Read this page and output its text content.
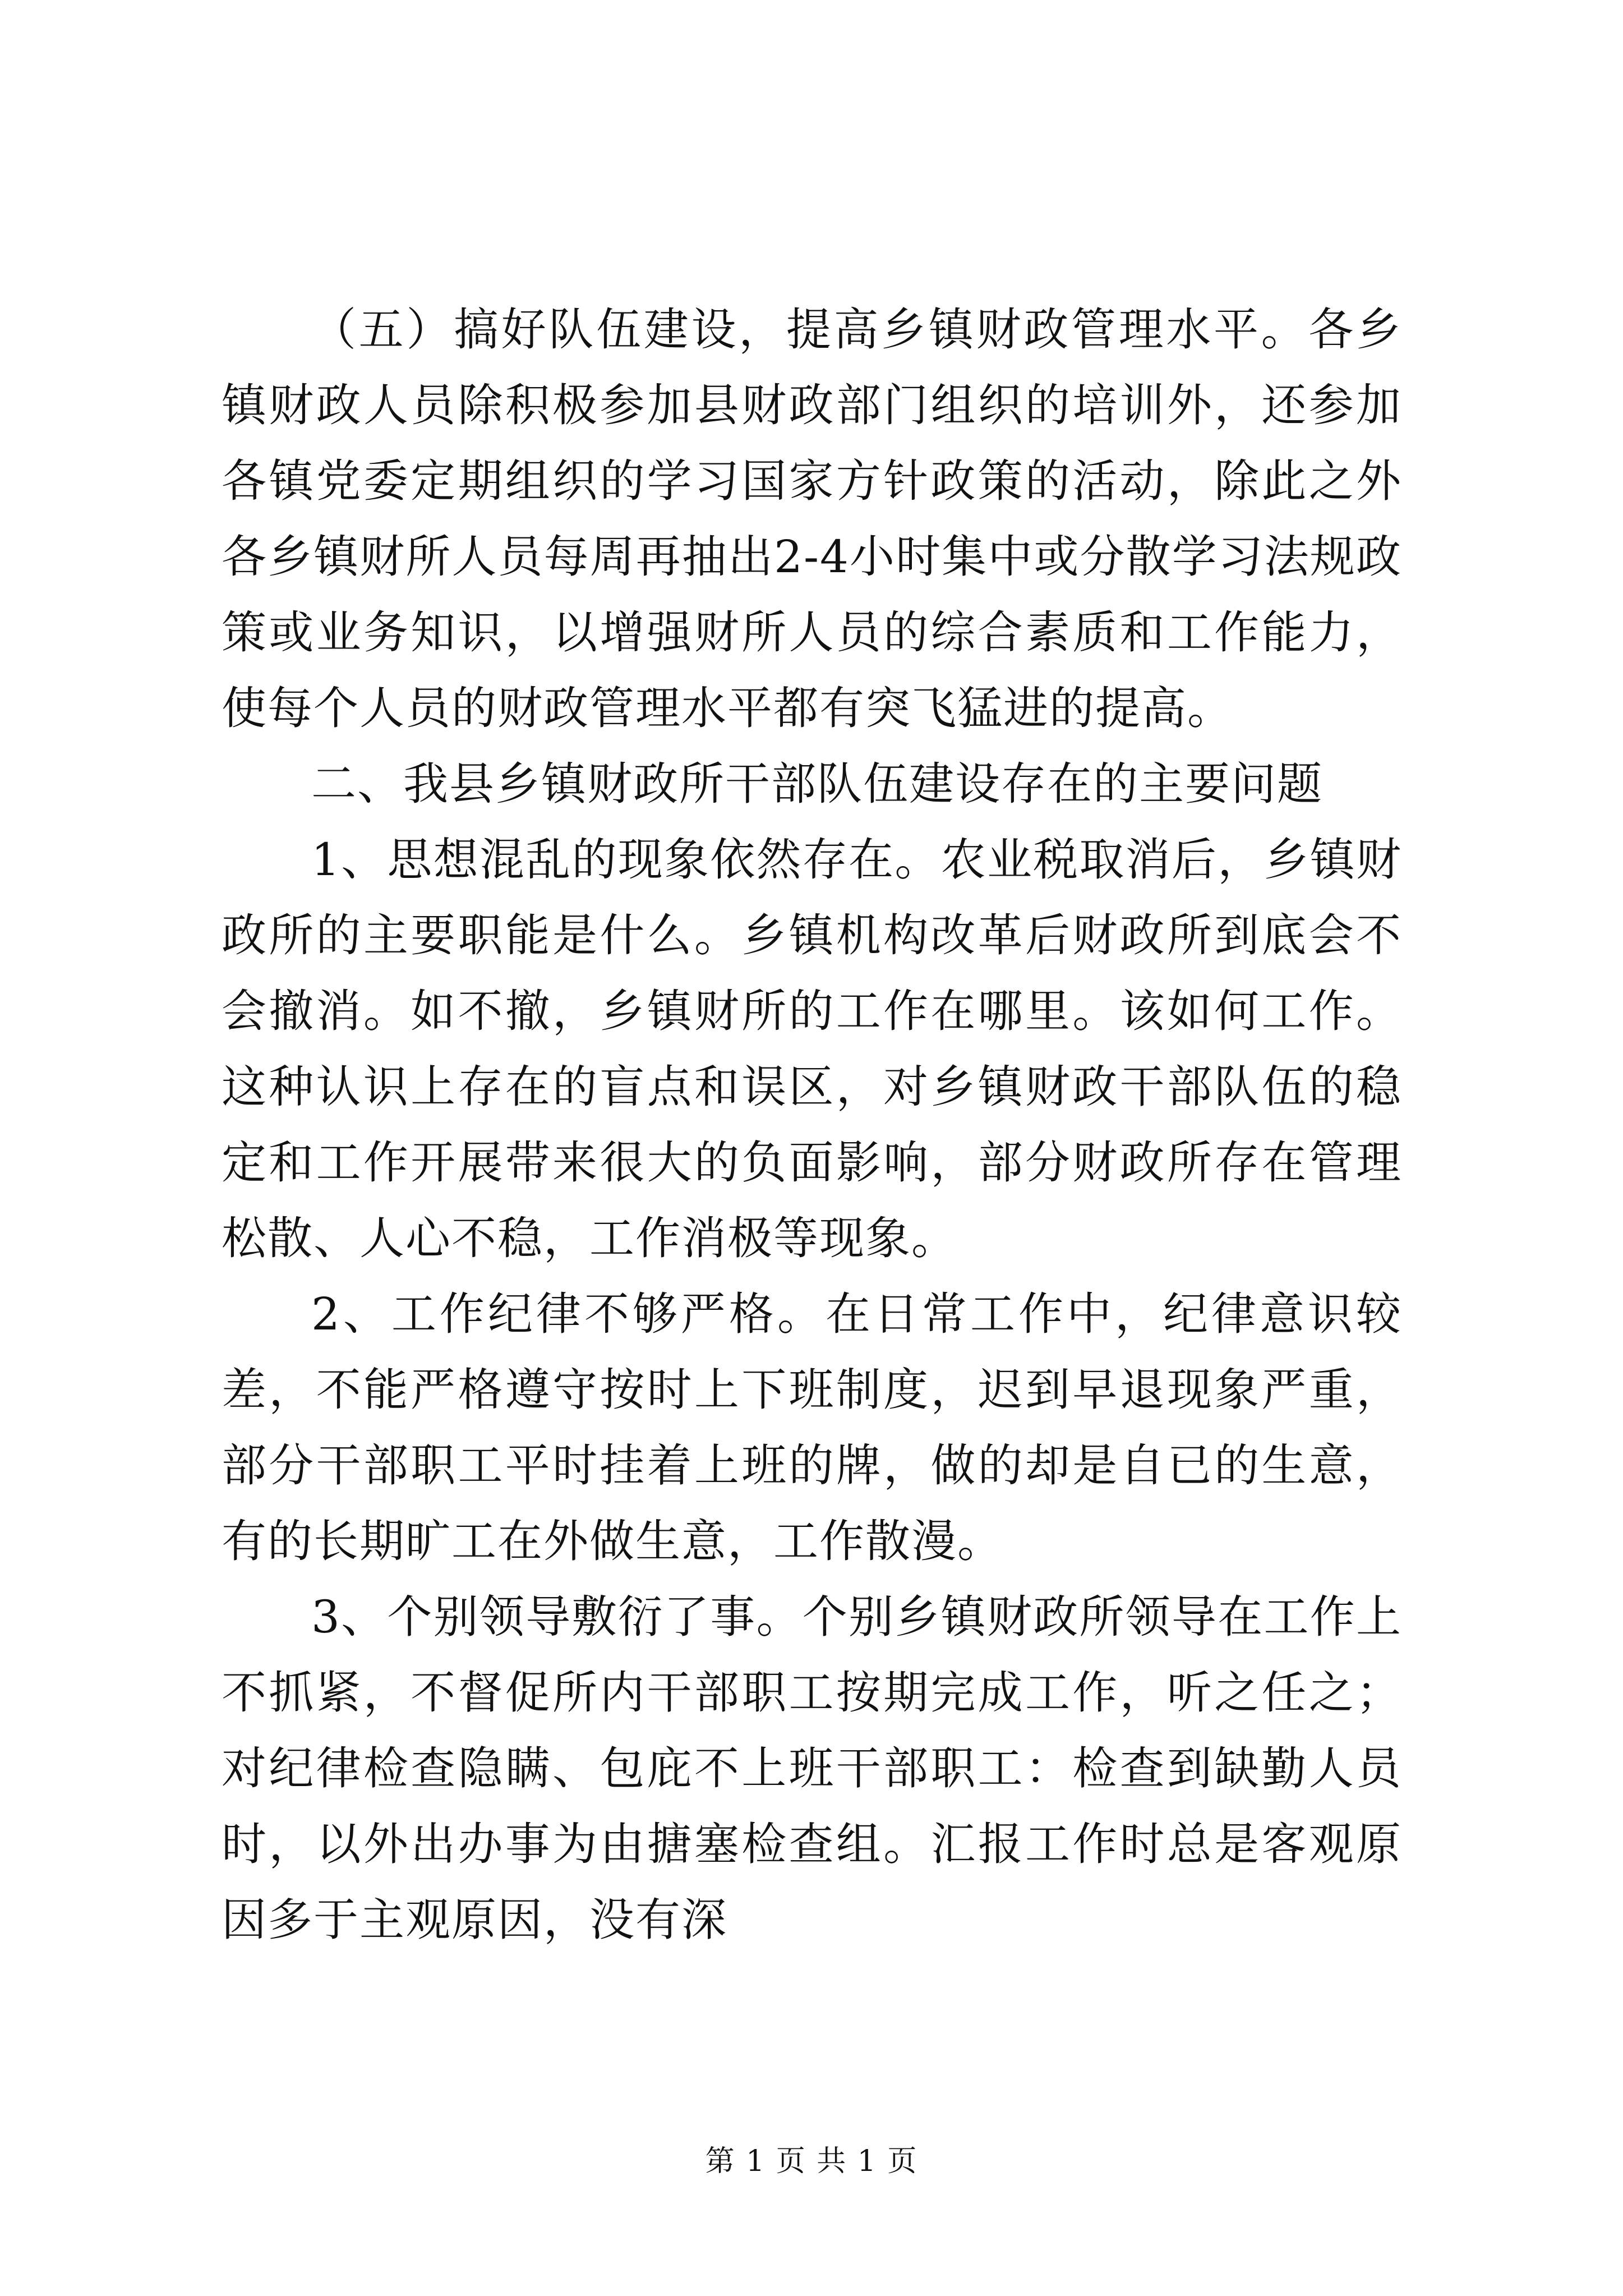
（五）搞好队伍建设，提高乡镇财政管理水平。各乡镇财政人员除积极参加县财政部门组织的培训外，还参加各镇党委定期组织的学习国家方针政策的活动，除此之外各乡镇财所人员每周再抽出2-4小时集中或分散学习法规政策或业务知识，以增强财所人员的综合素质和工作能力，使每个人员的财政管理水平都有突飞猛进的提高。

二、我县乡镇财政所干部队伍建设存在的主要问题

1、思想混乱的现象依然存在。农业税取消后，乡镇财政所的主要职能是什么。乡镇机构改革后财政所到底会不会撤消。如不撤，乡镇财所的工作在哪里。该如何工作。这种认识上存在的盲点和误区，对乡镇财政干部队伍的稳定和工作开展带来很大的负面影响，部分财政所存在管理松散、人心不稳，工作消极等现象。

2、工作纪律不够严格。在日常工作中，纪律意识较差，不能严格遵守按时上下班制度，迟到早退现象严重，部分干部职工平时挂着上班的牌，做的却是自已的生意，有的长期旷工在外做生意，工作散漫。

3、个别领导敷衍了事。个别乡镇财政所领导在工作上不抓紧，不督促所内干部职工按期完成工作，听之任之；对纪律检查隐瞒、包庇不上班干部职工：检查到缺勤人员时，以外出办事为由搪塞检查组。汇报工作时总是客观原因多于主观原因，没有深

第 1 页 共 1 页
